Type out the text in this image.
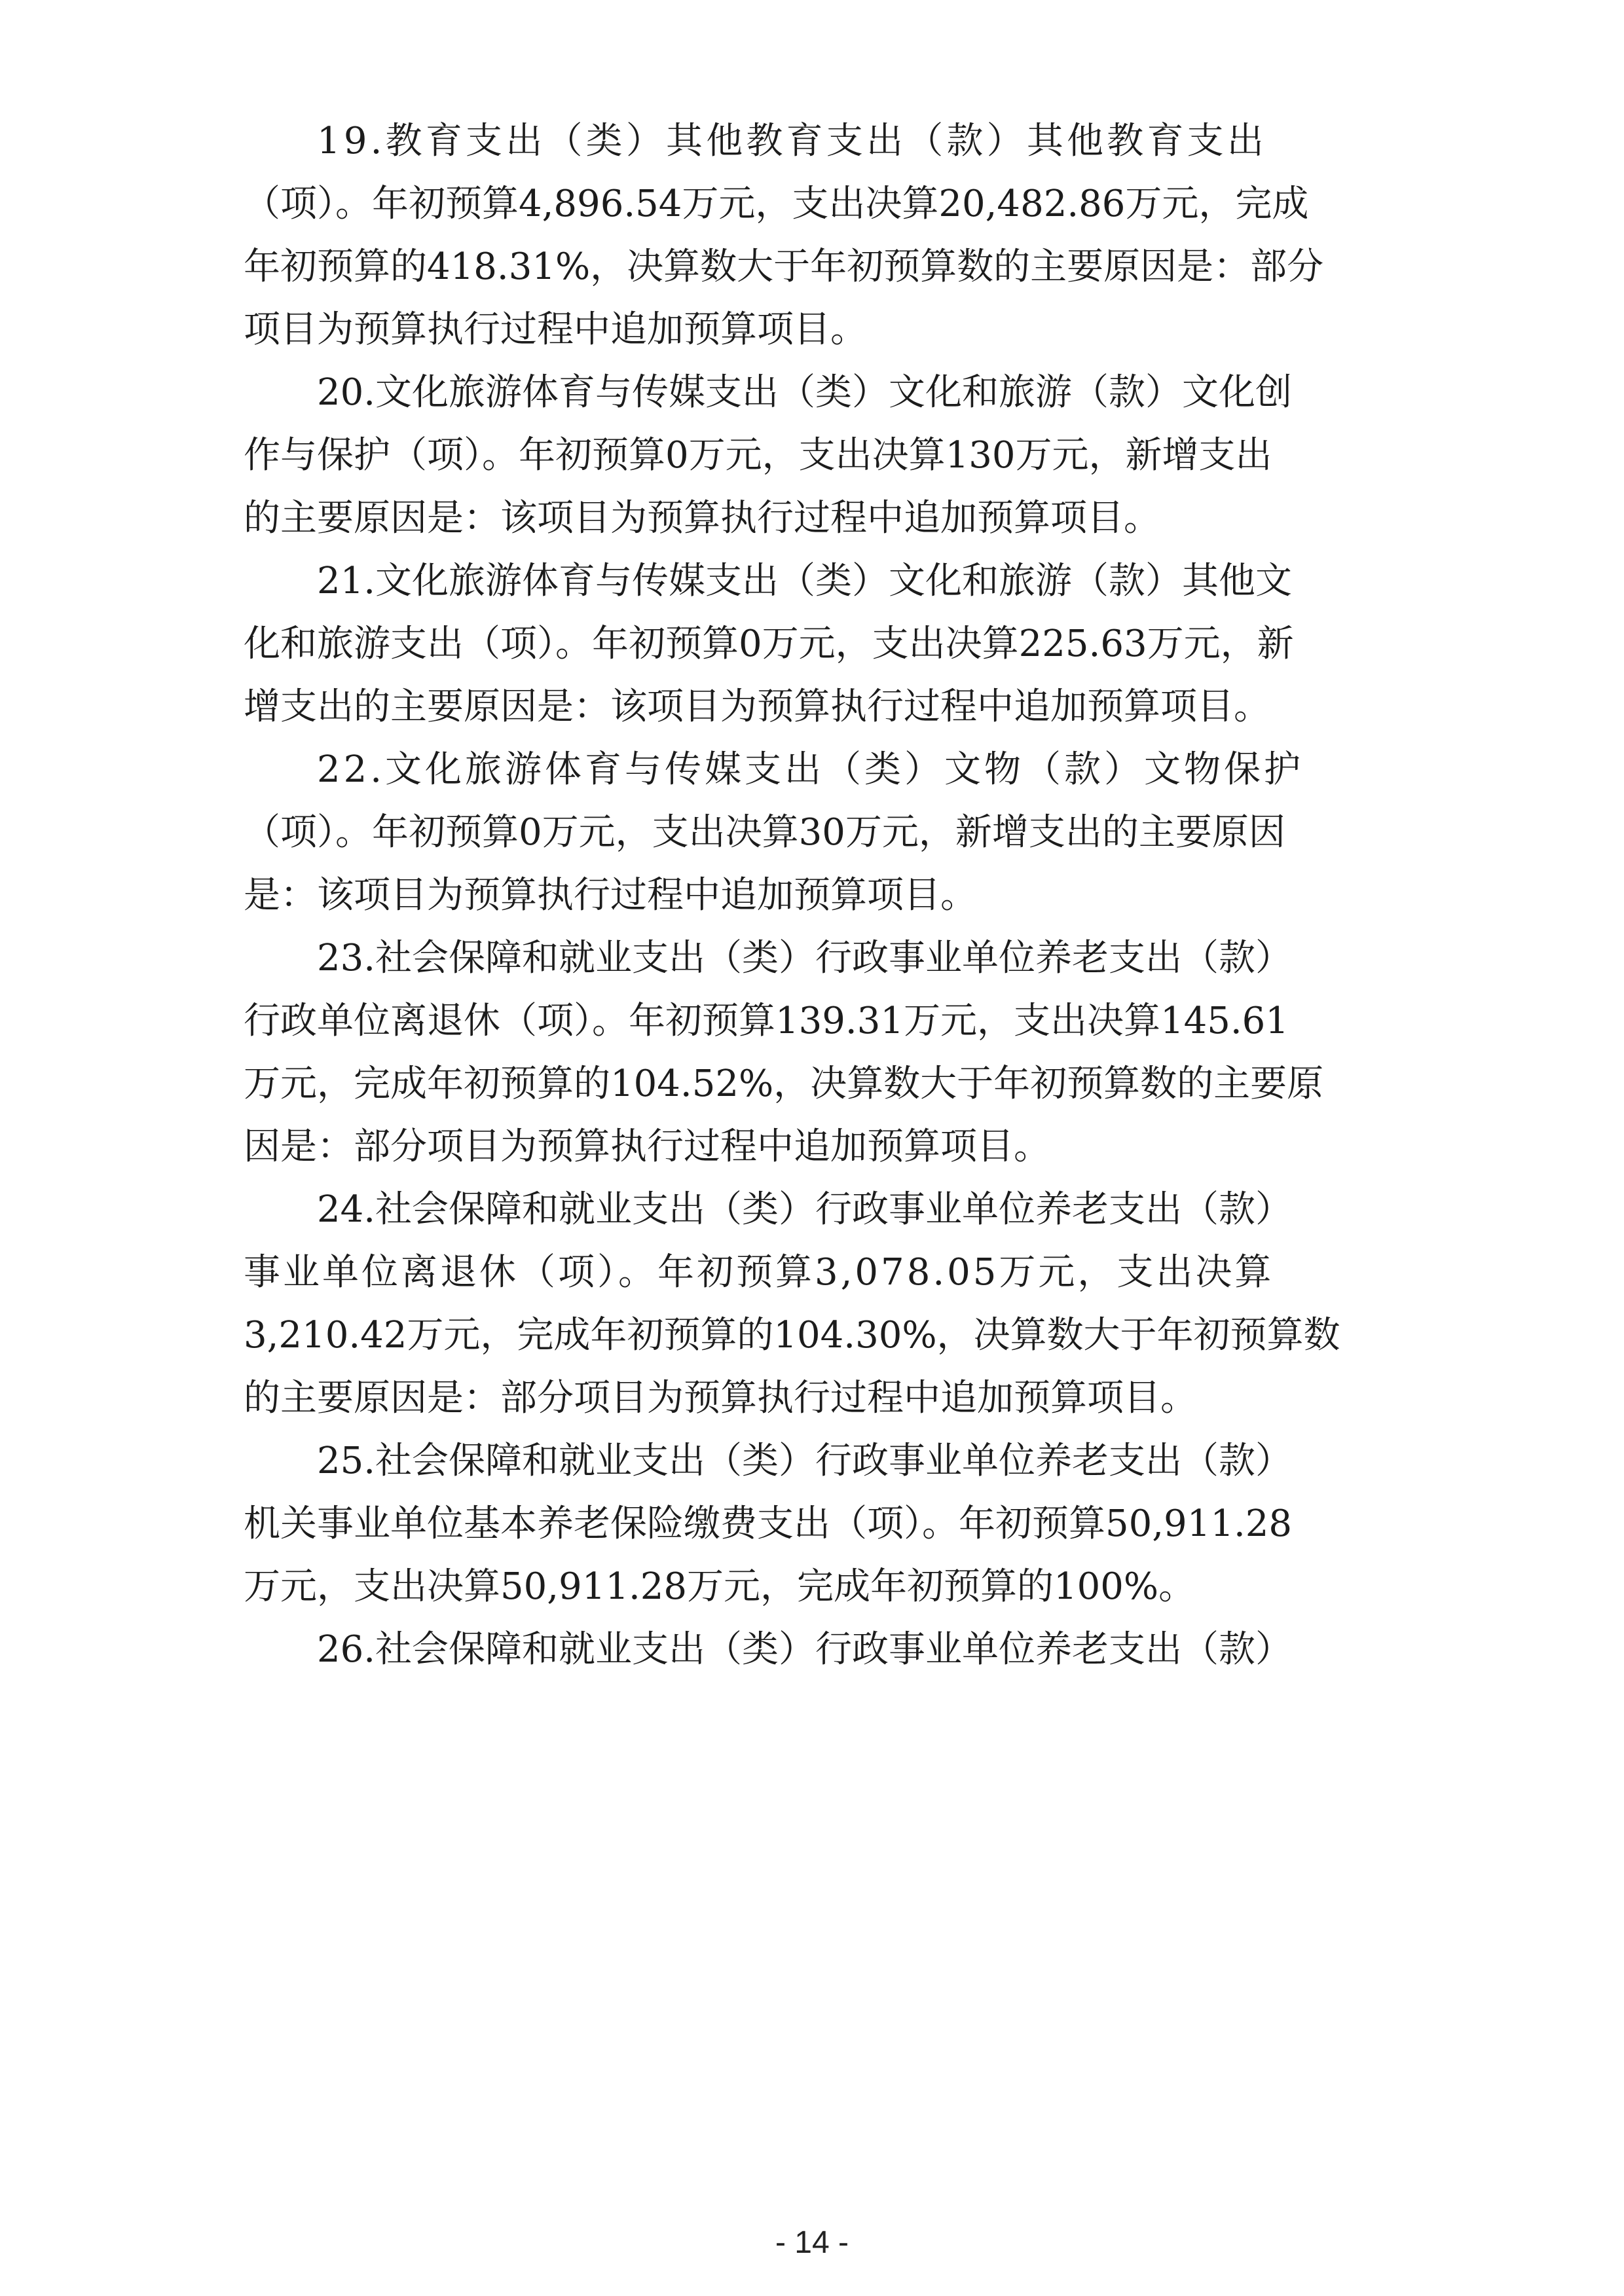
19.教育支出（类）其他教育支出（款）其他教育支出
（项）。年初预算4,896.54万元，支出决算20,482.86万元，完成
年初预算的418.31%，决算数大于年初预算数的主要原因是：部分
项目为预算执行过程中追加预算项目。

20.文化旅游体育与传媒支出（类）文化和旅游（款）文化创
作与保护（项）。年初预算0万元，支出决算130万元，新增支出
的主要原因是：该项目为预算执行过程中追加预算项目。

21.文化旅游体育与传媒支出（类）文化和旅游（款）其他文
化和旅游支出（项）。年初预算0万元，支出决算225.63万元，新
增支出的主要原因是：该项目为预算执行过程中追加预算项目。

22.文化旅游体育与传媒支出（类）文物（款）文物保护
（项）。年初预算0万元，支出决算30万元，新增支出的主要原因
是：该项目为预算执行过程中追加预算项目。

23.社会保障和就业支出（类）行政事业单位养老支出（款）
行政单位离退休（项）。年初预算139.31万元，支出决算145.61
万元，完成年初预算的104.52%，决算数大于年初预算数的主要原
因是：部分项目为预算执行过程中追加预算项目。

24.社会保障和就业支出（类）行政事业单位养老支出（款）
事业单位离退休（项）。年初预算3,078.05万元，支出决算
3,210.42万元，完成年初预算的104.30%，决算数大于年初预算数
的主要原因是：部分项目为预算执行过程中追加预算项目。

25.社会保障和就业支出（类）行政事业单位养老支出（款）
机关事业单位基本养老保险缴费支出（项）。年初预算50,911.28
万元，支出决算50,911.28万元，完成年初预算的100%。

26.社会保障和就业支出（类）行政事业单位养老支出（款）

- 14 -
